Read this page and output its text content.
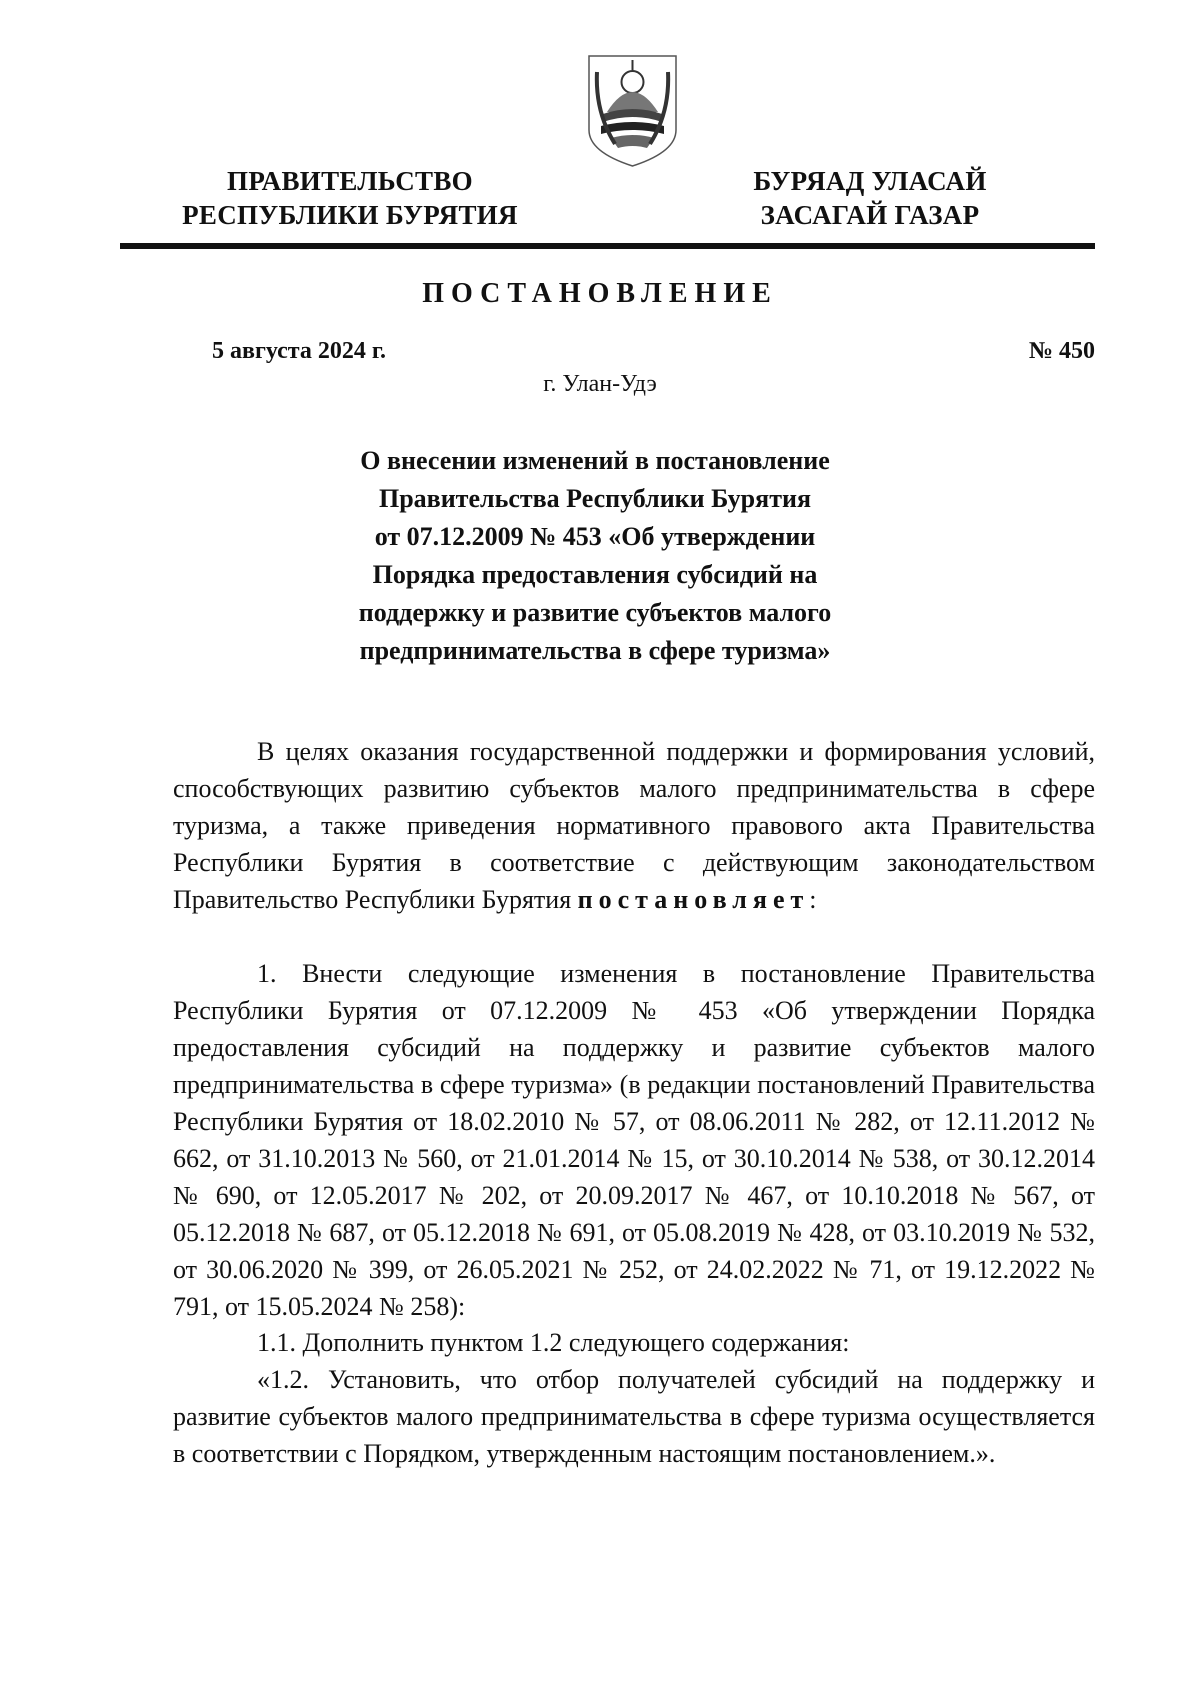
ПРАВИТЕЛЬСТВО
РЕСПУБЛИКИ БУРЯТИЯ
БУРЯАД УЛАСАЙ
ЗАСАГАЙ ГАЗАР
ПОСТАНОВЛЕНИЕ
5 августа 2024 г.	№ 450
г. Улан-Удэ
О внесении изменений в постановление
Правительства Республики Бурятия
от 07.12.2009 № 453 «Об утверждении
Порядка предоставления субсидий на
поддержку и развитие субъектов малого
предпринимательства в сфере туризма»

В целях оказания государственной поддержки и формирования условий, способствующих развитию субъектов малого предпринимательства в сфере туризма, а также приведения нормативного правового акта Правительства Республики Бурятия в соответствие с действующим законодательством Правительство Республики Бурятия постановляет:

1. Внести следующие изменения в постановление Правительства Республики Бурятия от 07.12.2009 № 453 «Об утверждении Порядка предоставления субсидий на поддержку и развитие субъектов малого предпринимательства в сфере туризма» (в редакции постановлений Правительства Республики Бурятия от 18.02.2010 № 57, от 08.06.2011 № 282, от 12.11.2012 № 662, от 31.10.2013 № 560, от 21.01.2014 № 15, от 30.10.2014 № 538, от 30.12.2014 № 690, от 12.05.2017 № 202, от 20.09.2017 № 467, от 10.10.2018 № 567, от 05.12.2018 № 687, от 05.12.2018 № 691, от 05.08.2019 № 428, от 03.10.2019 № 532, от 30.06.2020 № 399, от 26.05.2021 № 252, от 24.02.2022 № 71, от 19.12.2022 № 791, от 15.05.2024 № 258):

1.1. Дополнить пунктом 1.2 следующего содержания:

«1.2. Установить, что отбор получателей субсидий на поддержку и развитие субъектов малого предпринимательства в сфере туризма осуществляется в соответствии с Порядком, утвержденным настоящим постановлением.».
